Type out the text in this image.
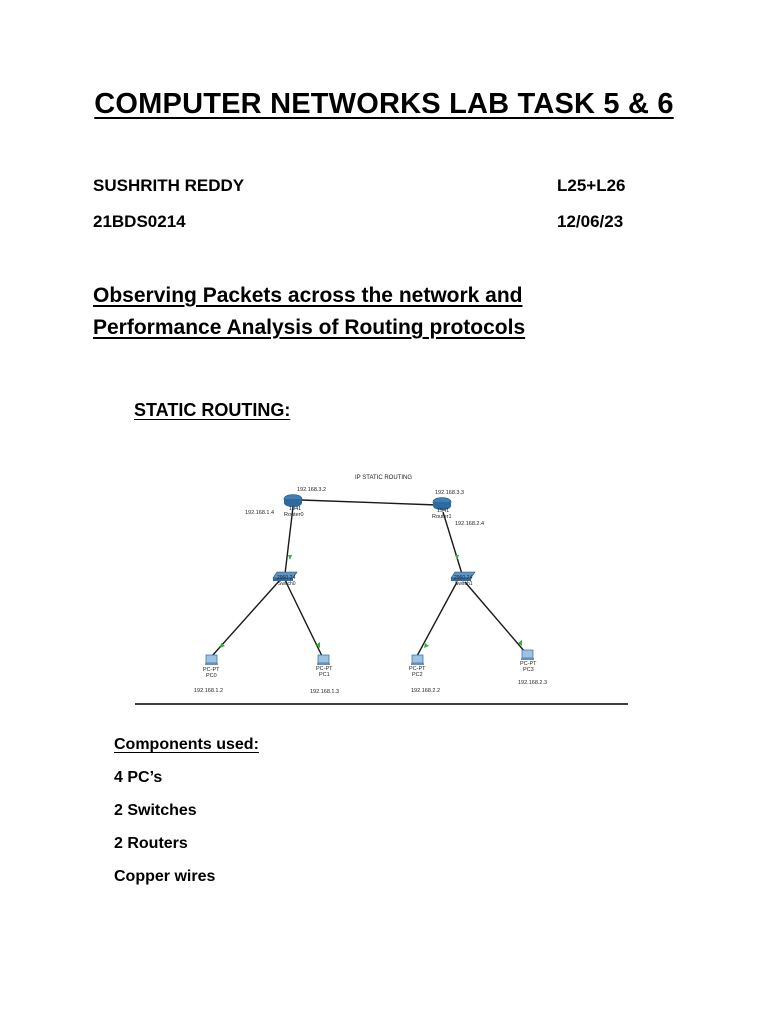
COMPUTER NETWORKS LAB TASK 5 & 6
SUSHRITH REDDY	L25+L26
21BDS0214	12/06/23
Observing Packets across the network and
Performance Analysis of Routing protocols
STATIC ROUTING:
IP STATIC ROUTING
192.168.3.2
192.168.1.4
1941
Router0
192.168.3.3
1941
Router1
192.168.2.4
2960-24
Switch0
2960-24
Switch1
PC-PT
PC0
192.168.1.2
PC-PT
PC1
192.168.1.3
PC-PT
PC2
192.168.2.2
PC-PT
PC3
192.168.2.3
Components used:
4 PC’s
2 Switches
2 Routers
Copper wires
